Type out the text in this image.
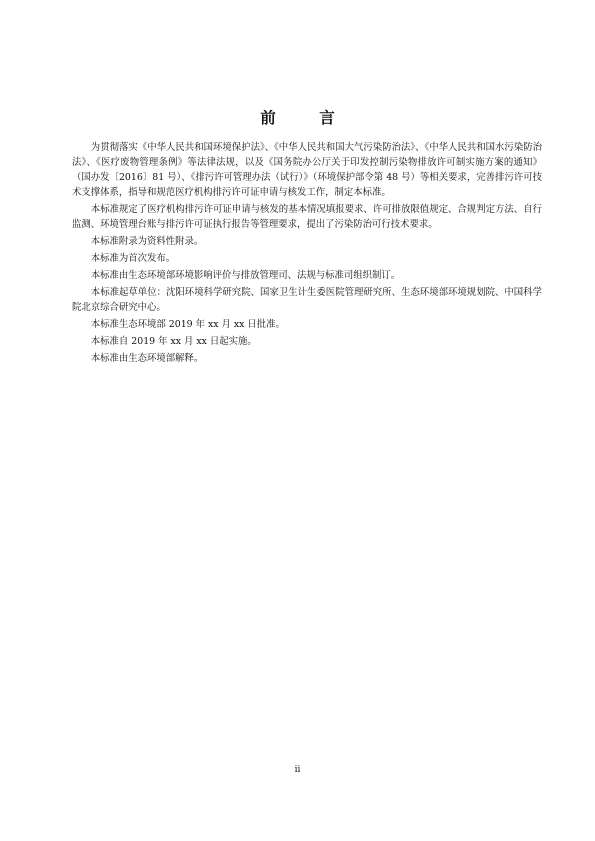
前　言

为贯彻落实《中华人民共和国环境保护法》、《中华人民共和国大气污染防治法》、《中华人民共和国水污染防治法》、《医疗废物管理条例》等法律法规，以及《国务院办公厅关于印发控制污染物排放许可制实施方案的通知》（国办发〔2016〕81 号）、《排污许可管理办法（试行）》（环境保护部令第 48 号）等相关要求，完善排污许可技术支撑体系，指导和规范医疗机构排污许可证申请与核发工作，制定本标准。

本标准规定了医疗机构排污许可证申请与核发的基本情况填报要求、许可排放限值规定、合规判定方法、自行监测、环境管理台账与排污许可证执行报告等管理要求，提出了污染防治可行技术要求。

本标准附录为资料性附录。

本标准为首次发布。

本标准由生态环境部环境影响评价与排放管理司、法规与标准司组织制订。

本标准起草单位：沈阳环境科学研究院、国家卫生计生委医院管理研究所、生态环境部环境规划院、中国科学院北京综合研究中心。

本标准生态环境部 2019 年 xx 月 xx 日批准。

本标准自 2019 年 xx 月 xx 日起实施。

本标准由生态环境部解释。

ii
